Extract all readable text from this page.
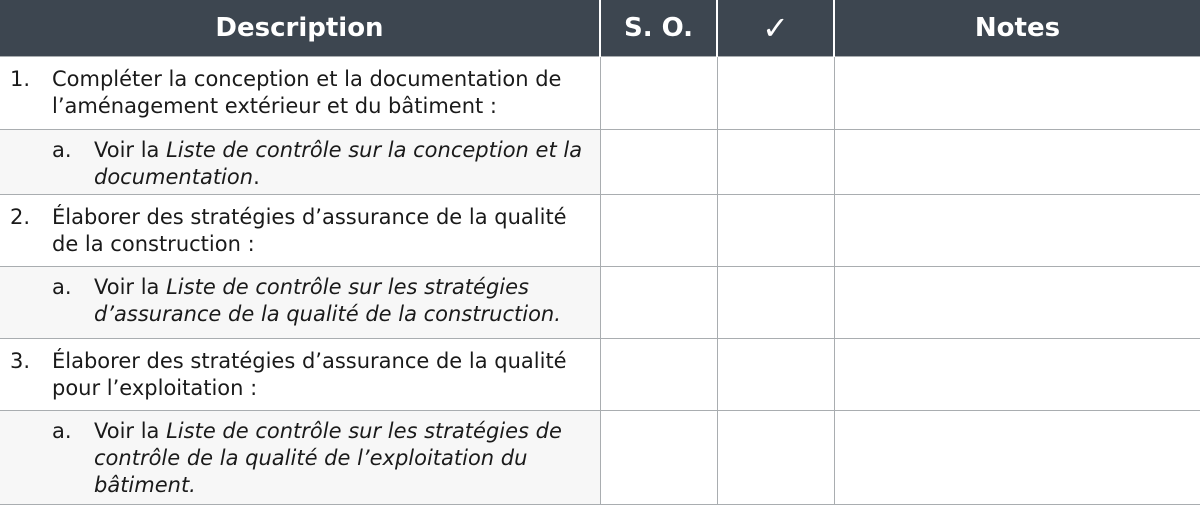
Description	S. O.	✓	Notes

1. Compléter la conception et la documentation de l’aménagement extérieur et du bâtiment :			

a. Voir la Liste de contrôle sur la conception et la documentation.			

2. Élaborer des stratégies d’assurance de la qualité de la construction :			

a. Voir la Liste de contrôle sur les stratégies d’assurance de la qualité de la construction.			

3. Élaborer des stratégies d’assurance de la qualité pour l’exploitation :			

a. Voir la Liste de contrôle sur les stratégies de contrôle de la qualité de l’exploitation du bâtiment.			
